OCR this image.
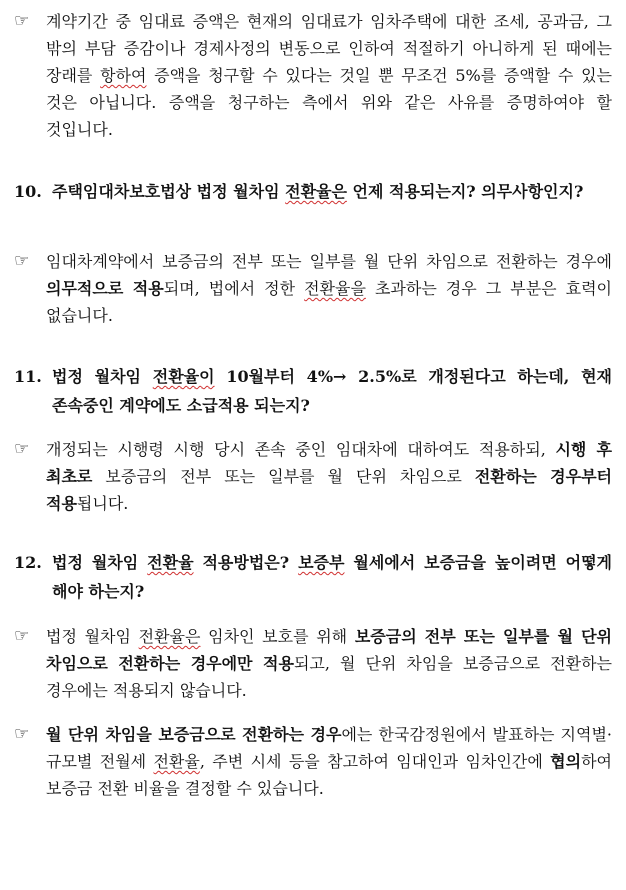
☞ 계약기간 중 임대료 증액은 현재의 임대료가 임차주택에 대한 조세, 공과금, 그 밖의 부담 증감이나 경제사정의 변동으로 인하여 적절하기 아니하게 된 때에는 장래를 항하여 증액을 청구할 수 있다는 것일 뿐 무조건 5%를 증액할 수 있는 것은 아닙니다. 증액을 청구하는 측에서 위와 같은 사유를 증명하여야 할 것입니다.
10. 주택임대차보호법상 법정 월차임 전환율은 언제 적용되는지? 의무사항인지?
☞ 임대차계약에서 보증금의 전부 또는 일부를 월 단위 차임으로 전환하는 경우에 의무적으로 적용되며, 법에서 정한 전환율을 초과하는 경우 그 부분은 효력이 없습니다.
11. 법정 월차임 전환율이 10월부터 4%→ 2.5%로 개정된다고 하는데, 현재 존속중인 계약에도 소급적용 되는지?
☞ 개정되는 시행령 시행 당시 존속 중인 임대차에 대하여도 적용하되, 시행 후 최초로 보증금의 전부 또는 일부를 월 단위 차임으로 전환하는 경우부터 적용됩니다.
12. 법정 월차임 전환율 적용방법은? 보증부 월세에서 보증금을 높이려면 어떻게 해야 하는지?
☞ 법정 월차임 전환율은 임차인 보호를 위해 보증금의 전부 또는 일부를 월 단위 차임으로 전환하는 경우에만 적용되고, 월 단위 차임을 보증금으로 전환하는 경우에는 적용되지 않습니다.
☞ 월 단위 차임을 보증금으로 전환하는 경우에는 한국감정원에서 발표하는 지역별·규모별 전월세 전환율, 주변 시세 등을 참고하여 임대인과 임차인간에 협의하여 보증금 전환 비율을 결정할 수 있습니다.
